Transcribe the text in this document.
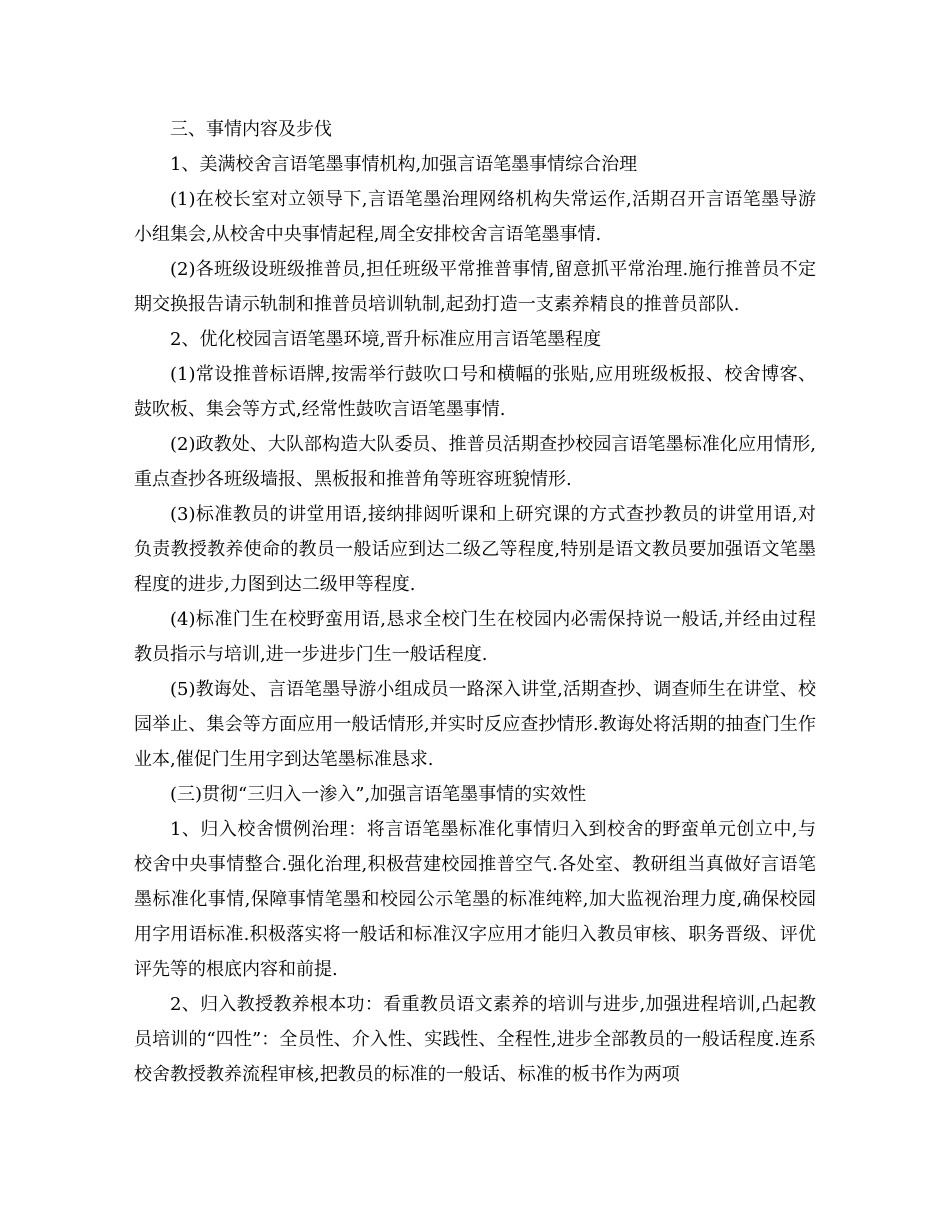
三、事情内容及步伐

1、美满校舍言语笔墨事情机构,加强言语笔墨事情综合治理

(1)在校长室对立领导下,言语笔墨治理网络机构失常运作,活期召开言语笔墨导游小组集会,从校舍中央事情起程,周全安排校舍言语笔墨事情.

(2)各班级设班级推普员,担任班级平常推普事情,留意抓平常治理.施行推普员不定期交换报告请示轨制和推普员培训轨制,起劲打造一支素养精良的推普员部队.

2、优化校园言语笔墨环境,晋升标准应用言语笔墨程度

(1)常设推普标语牌,按需举行鼓吹口号和横幅的张贴,应用班级板报、校舍博客、鼓吹板、集会等方式,经常性鼓吹言语笔墨事情.

(2)政教处、大队部构造大队委员、推普员活期查抄校园言语笔墨标准化应用情形,重点查抄各班级墙报、黑板报和推普角等班容班貌情形.

(3)标准教员的讲堂用语,接纳排闼听课和上研究课的方式查抄教员的讲堂用语,对负责教授教养使命的教员一般话应到达二级乙等程度,特别是语文教员要加强语文笔墨程度的进步,力图到达二级甲等程度.

(4)标准门生在校野蛮用语,恳求全校门生在校园内必需保持说一般话,并经由过程教员指示与培训,进一步进步门生一般话程度.

(5)教诲处、言语笔墨导游小组成员一路深入讲堂,活期查抄、调查师生在讲堂、校园举止、集会等方面应用一般话情形,并实时反应查抄情形.教诲处将活期的抽查门生作业本,催促门生用字到达笔墨标准恳求.

(三)贯彻“三归入一渗入”,加强言语笔墨事情的实效性

1、归入校舍惯例治理：将言语笔墨标准化事情归入到校舍的野蛮单元创立中,与校舍中央事情整合.强化治理,积极营建校园推普空气.各处室、教研组当真做好言语笔墨标准化事情,保障事情笔墨和校园公示笔墨的标准纯粹,加大监视治理力度,确保校园用字用语标准.积极落实将一般话和标准汉字应用才能归入教员审核、职务晋级、评优评先等的根底内容和前提.

2、归入教授教养根本功：看重教员语文素养的培训与进步,加强进程培训,凸起教员培训的“四性”：全员性、介入性、实践性、全程性,进步全部教员的一般话程度.连系校舍教授教养流程审核,把教员的标准的一般话、标准的板书作为两项
